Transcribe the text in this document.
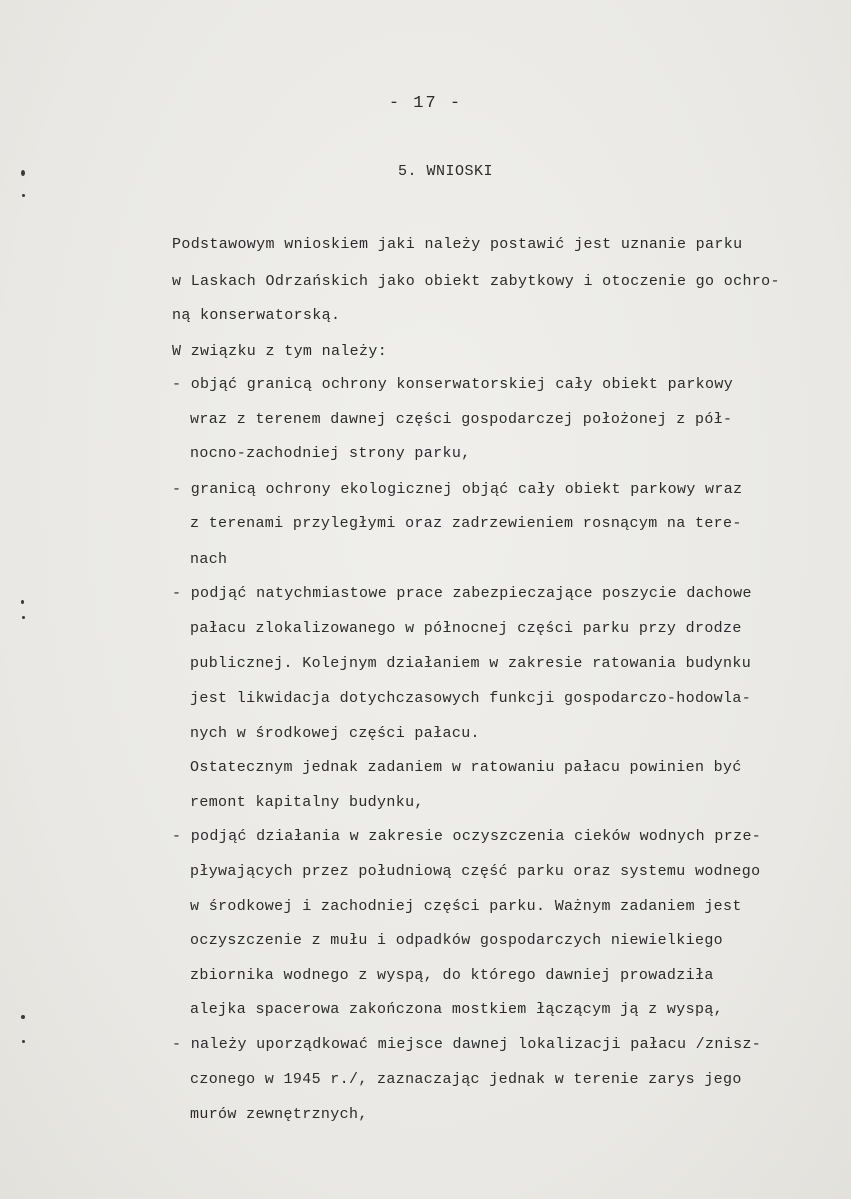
- 17 -
5. WNIOSKI
Podstawowym wnioskiem jaki należy postawić jest uznanie parku
w Laskach Odrzańskich jako obiekt zabytkowy i otoczenie go ochro-
ną konserwatorską.
W związku z tym należy:
- objąć granicą ochrony konserwatorskiej cały obiekt parkowy
wraz z terenem dawnej części gospodarczej położonej z pół-
nocno-zachodniej strony parku,
- granicą ochrony ekologicznej objąć cały obiekt parkowy wraz
z terenami przyległymi oraz zadrzewieniem rosnącym na tere-
nach
- podjąć natychmiastowe prace zabezpieczające poszycie dachowe
pałacu zlokalizowanego w północnej części parku przy drodze
publicznej. Kolejnym działaniem w zakresie ratowania budynku
jest likwidacja dotychczasowych funkcji gospodarczo-hodowla-
nych w środkowej części pałacu.
Ostatecznym jednak zadaniem w ratowaniu pałacu powinien być
remont kapitalny budynku,
- podjąć działania w zakresie oczyszczenia cieków wodnych prze-
pływających przez południową część parku oraz systemu wodnego
w środkowej i zachodniej części parku. Ważnym zadaniem jest
oczyszczenie z mułu i odpadków gospodarczych niewielkiego
zbiornika wodnego z wyspą, do którego dawniej prowadziła
alejka spacerowa zakończona mostkiem łączącym ją z wyspą,
- należy uporządkować miejsce dawnej lokalizacji pałacu /znisz-
czonego w 1945 r./, zaznaczając jednak w terenie zarys jego
murów zewnętrznych,
